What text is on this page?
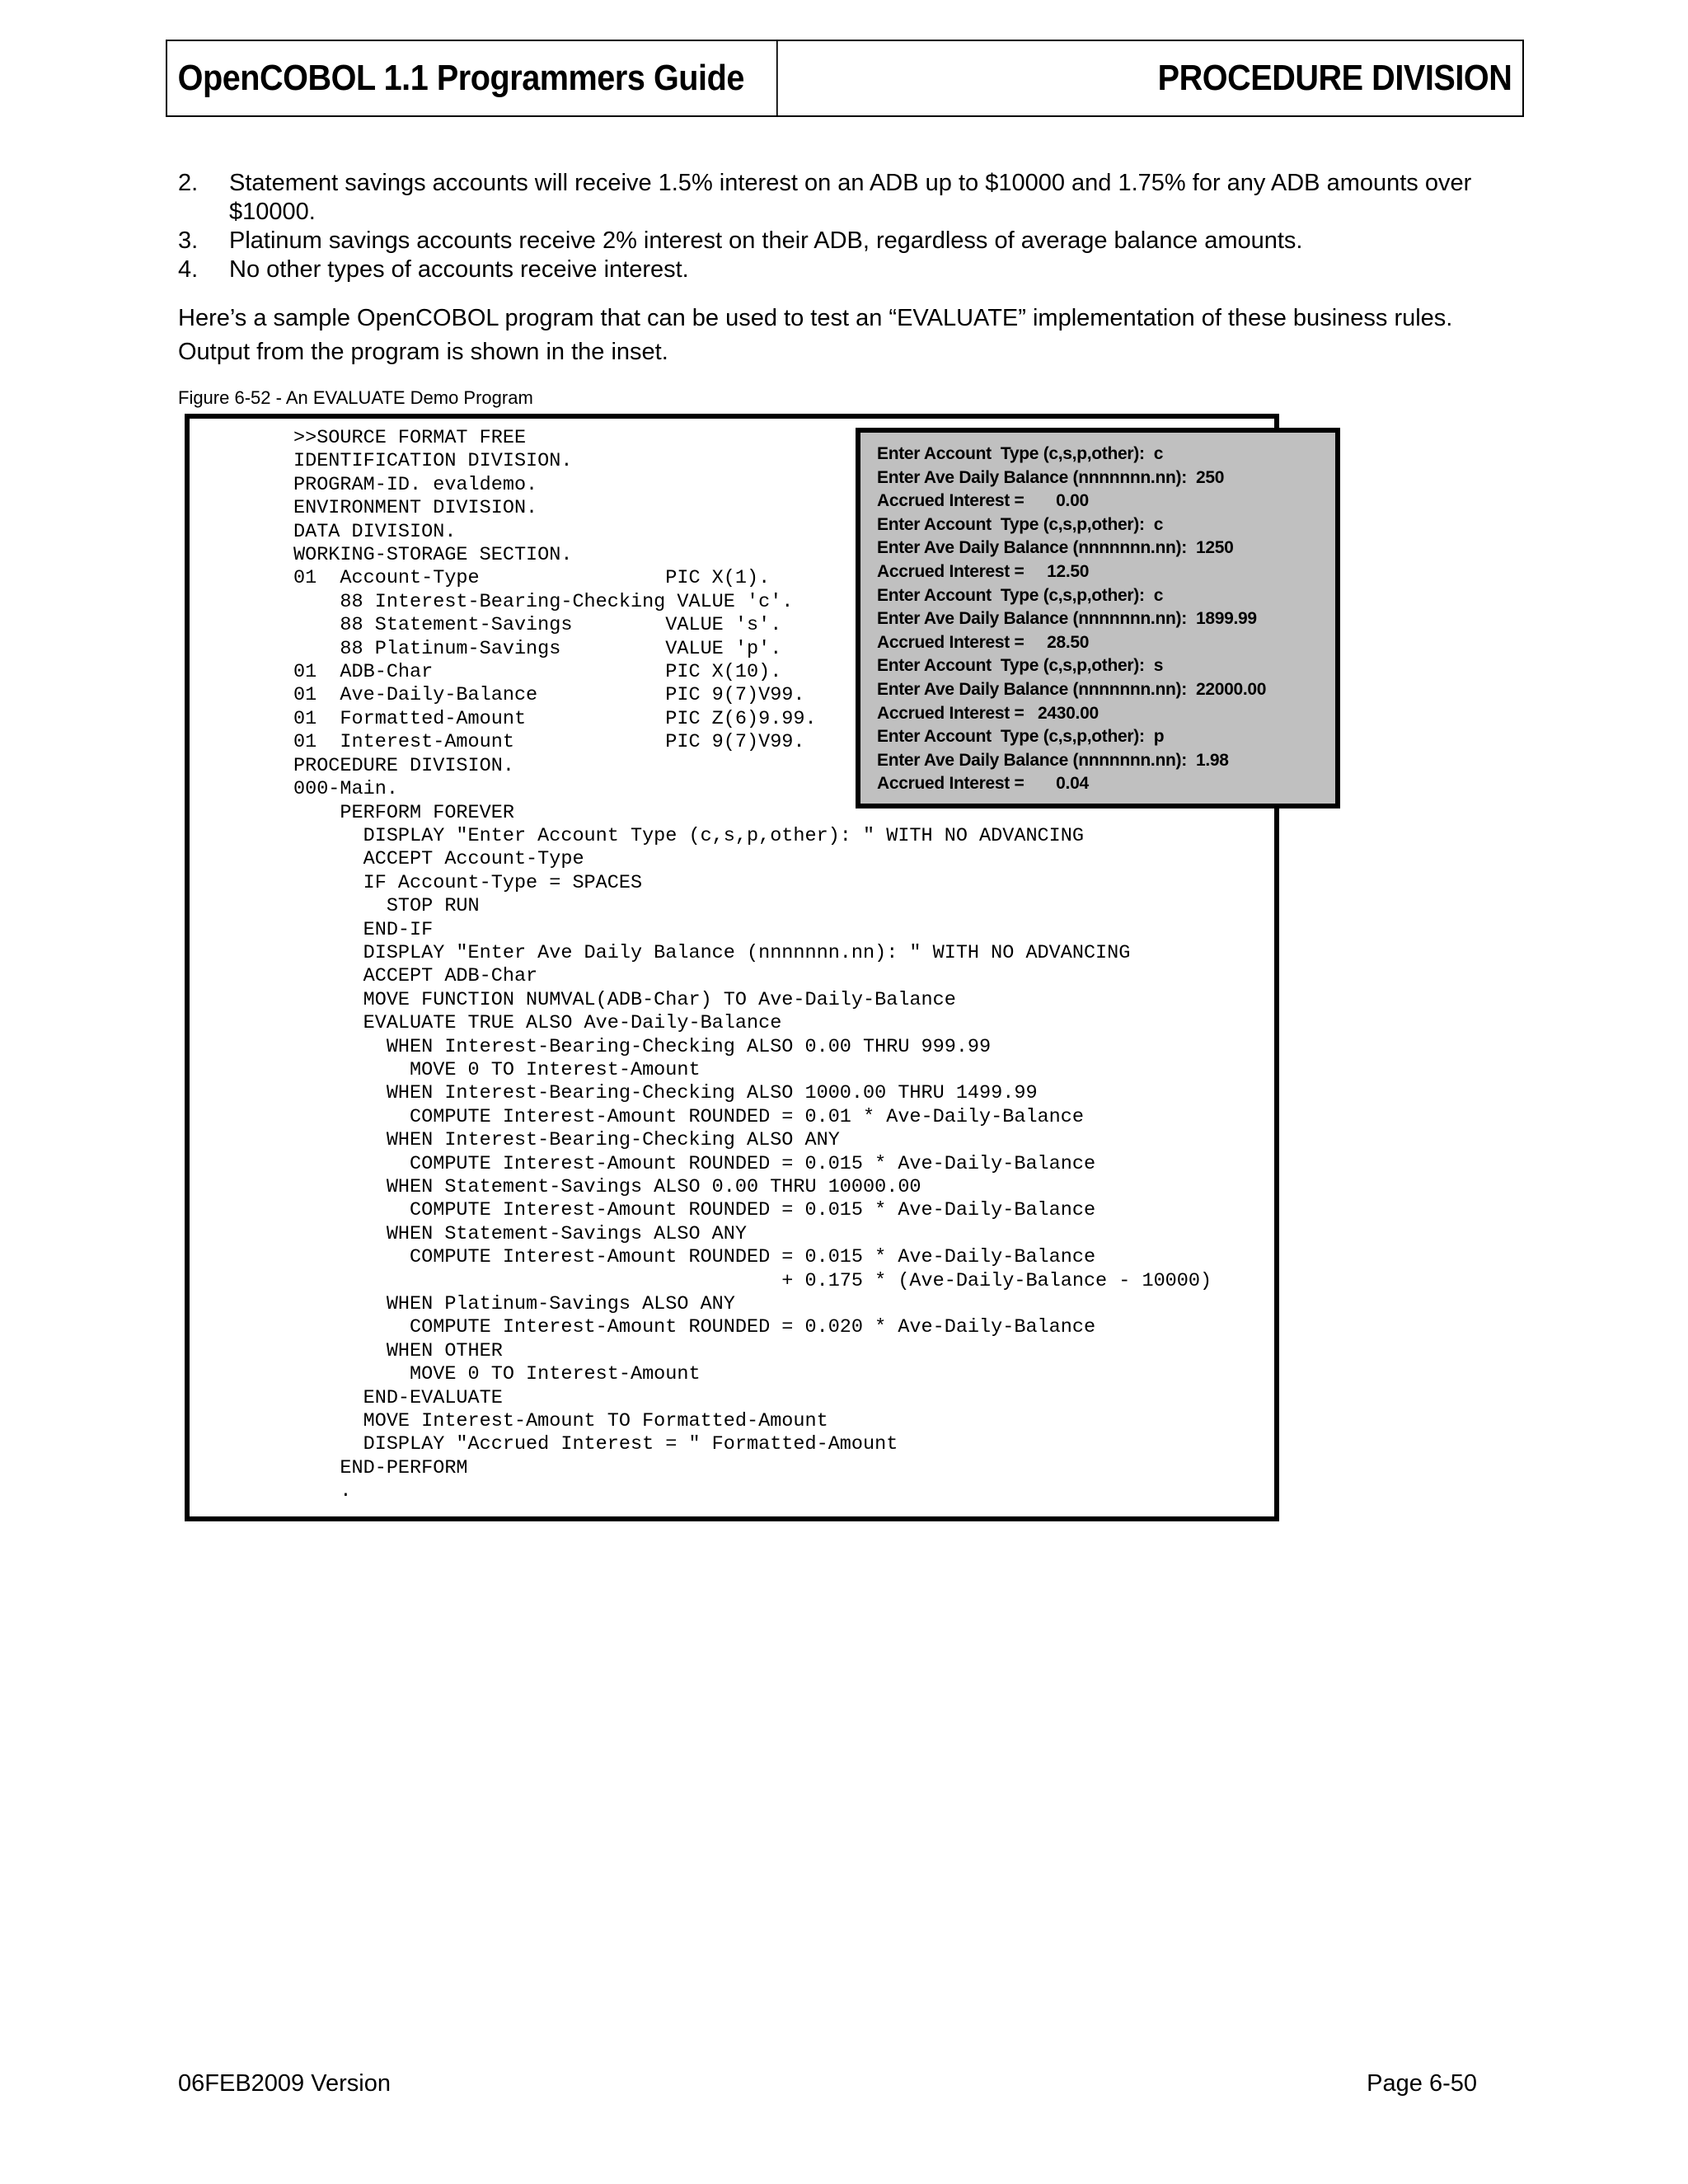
OpenCOBOL 1.1 Programmers Guide	PROCEDURE DIVISION
2.	Statement savings accounts will receive 1.5% interest on an ADB up to $10000 and 1.75% for any ADB amounts over $10000.
3.	Platinum savings accounts receive 2% interest on their ADB, regardless of average balance amounts.
4.	No other types of accounts receive interest.
Here’s a sample OpenCOBOL program that can be used to test an “EVALUATE” implementation of these business rules. Output from the program is shown in the inset.
Figure 6-52 - An EVALUATE Demo Program
>>SOURCE FORMAT FREE
IDENTIFICATION DIVISION.
PROGRAM-ID. evaldemo.
ENVIRONMENT DIVISION.
DATA DIVISION.
WORKING-STORAGE SECTION.
01  Account-Type                PIC X(1).
88 Interest-Bearing-Checking VALUE 'c'.
88 Statement-Savings        VALUE 's'.
88 Platinum-Savings         VALUE 'p'.
01  ADB-Char                    PIC X(10).
01  Ave-Daily-Balance           PIC 9(7)V99.
01  Formatted-Amount            PIC Z(6)9.99.
01  Interest-Amount             PIC 9(7)V99.
PROCEDURE DIVISION.
000-Main.
PERFORM FOREVER
DISPLAY "Enter Account Type (c,s,p,other): " WITH NO ADVANCING
ACCEPT Account-Type
IF Account-Type = SPACES
STOP RUN
END-IF
DISPLAY "Enter Ave Daily Balance (nnnnnnn.nn): " WITH NO ADVANCING
ACCEPT ADB-Char
MOVE FUNCTION NUMVAL(ADB-Char) TO Ave-Daily-Balance
EVALUATE TRUE ALSO Ave-Daily-Balance
WHEN Interest-Bearing-Checking ALSO 0.00 THRU 999.99
MOVE 0 TO Interest-Amount
WHEN Interest-Bearing-Checking ALSO 1000.00 THRU 1499.99
COMPUTE Interest-Amount ROUNDED = 0.01 * Ave-Daily-Balance
WHEN Interest-Bearing-Checking ALSO ANY
COMPUTE Interest-Amount ROUNDED = 0.015 * Ave-Daily-Balance
WHEN Statement-Savings ALSO 0.00 THRU 10000.00
COMPUTE Interest-Amount ROUNDED = 0.015 * Ave-Daily-Balance
WHEN Statement-Savings ALSO ANY
COMPUTE Interest-Amount ROUNDED = 0.015 * Ave-Daily-Balance
+ 0.175 * (Ave-Daily-Balance - 10000)
WHEN Platinum-Savings ALSO ANY
COMPUTE Interest-Amount ROUNDED = 0.020 * Ave-Daily-Balance
WHEN OTHER
MOVE 0 TO Interest-Amount
END-EVALUATE
MOVE Interest-Amount TO Formatted-Amount
DISPLAY "Accrued Interest = " Formatted-Amount
END-PERFORM
.
Enter Account  Type (c,s,p,other):  c
Enter Ave Daily Balance (nnnnnnn.nn):  250
Accrued Interest =       0.00
Enter Account  Type (c,s,p,other):  c
Enter Ave Daily Balance (nnnnnnn.nn):  1250
Accrued Interest =     12.50
Enter Account  Type (c,s,p,other):  c
Enter Ave Daily Balance (nnnnnnn.nn):  1899.99
Accrued Interest =     28.50
Enter Account  Type (c,s,p,other):  s
Enter Ave Daily Balance (nnnnnnn.nn):  22000.00
Accrued Interest =   2430.00
Enter Account  Type (c,s,p,other):  p
Enter Ave Daily Balance (nnnnnnn.nn):  1.98
Accrued Interest =       0.04
06FEB2009 Version	Page 6-50
